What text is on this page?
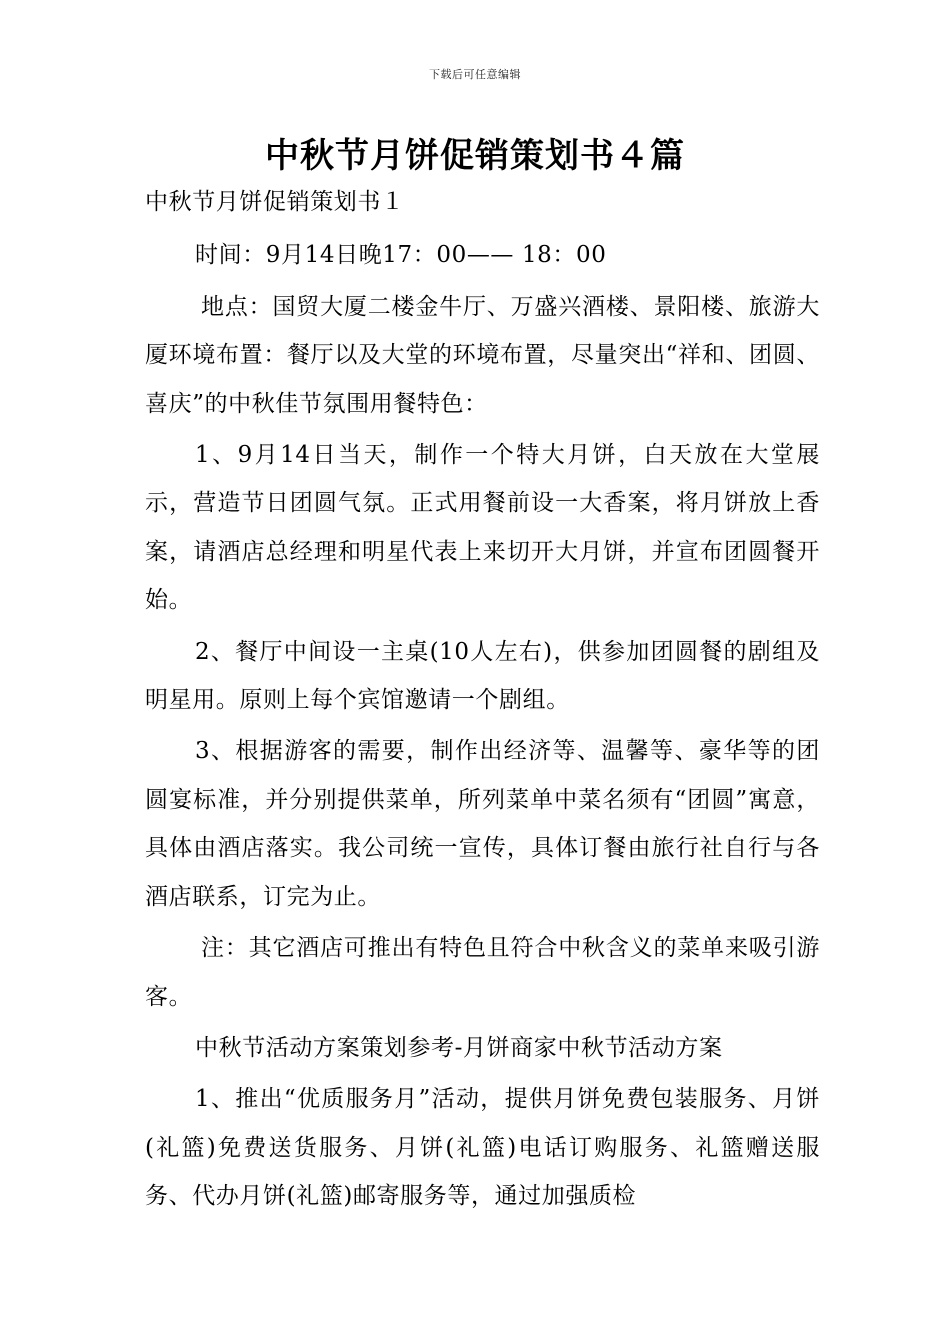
下载后可任意编辑
中秋节月饼促销策划书４篇

中秋节月饼促销策划书１

时间：9月14日晚17：00—— 18：00

地点：国贸大厦二楼金牛厅、万盛兴酒楼、景阳楼、旅游大厦环境布置：餐厅以及大堂的环境布置，尽量突出“祥和、团圆、喜庆”的中秋佳节氛围用餐特色：

1、9月14日当天，制作一个特大月饼，白天放在大堂展示，营造节日团圆气氛。正式用餐前设一大香案，将月饼放上香案，请酒店总经理和明星代表上来切开大月饼，并宣布团圆餐开始。

2、餐厅中间设一主桌(10人左右)，供参加团圆餐的剧组及明星用。原则上每个宾馆邀请一个剧组。

3、根据游客的需要，制作出经济等、温馨等、豪华等的团圆宴标准，并分别提供菜单，所列菜单中菜名须有“团圆”寓意，具体由酒店落实。我公司统一宣传，具体订餐由旅行社自行与各酒店联系，订完为止。

注：其它酒店可推出有特色且符合中秋含义的菜单来吸引游客。

中秋节活动方案策划参考-月饼商家中秋节活动方案

1、推出“优质服务月”活动，提供月饼免费包装服务、月饼(礼篮)免费送货服务、月饼(礼篮)电话订购服务、礼篮赠送服务、代办月饼(礼篮)邮寄服务等，通过加强质检
